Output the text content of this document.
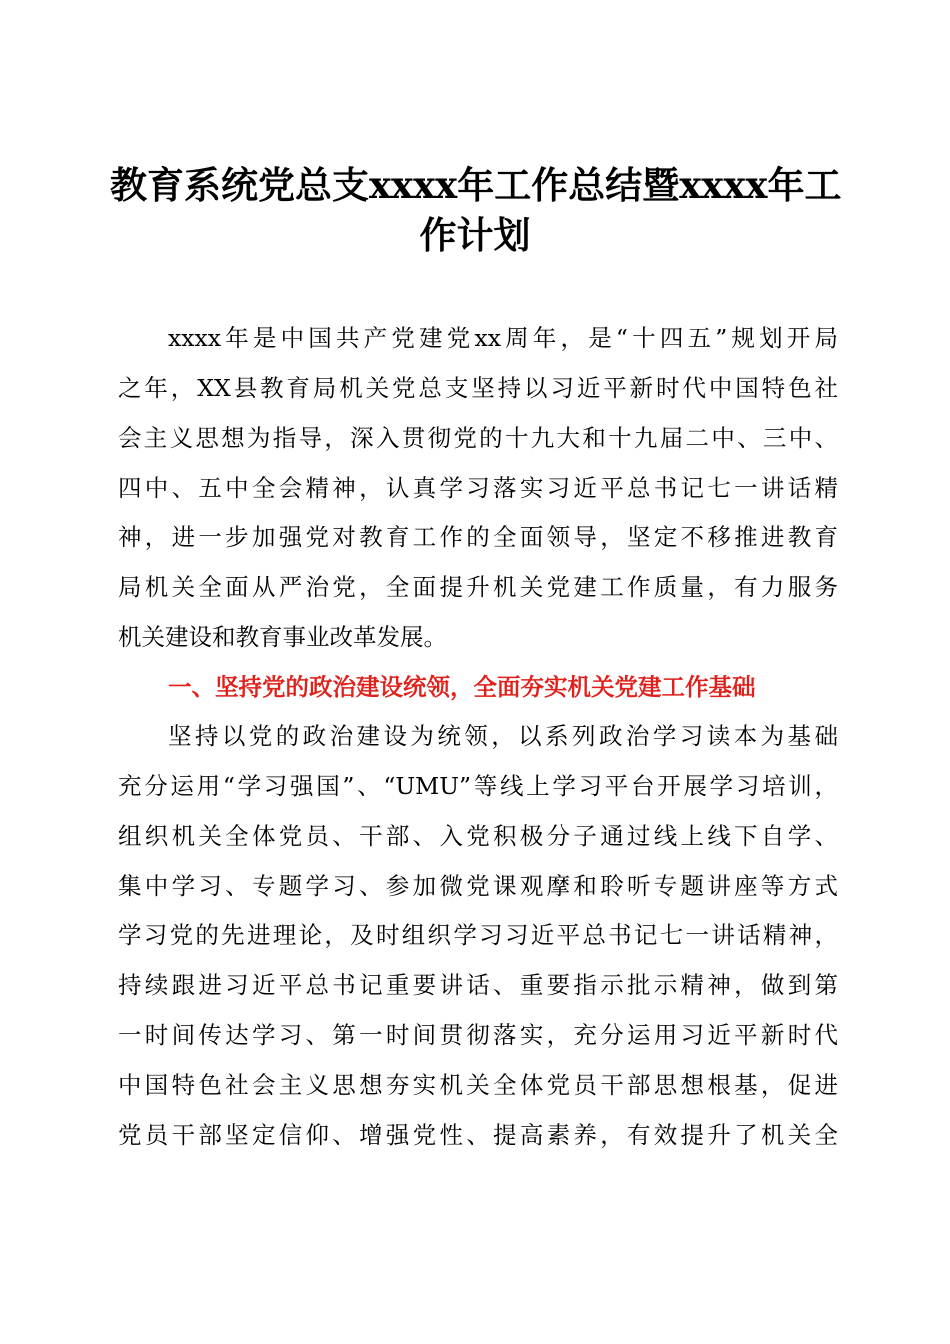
教育系统党总支xxxx年工作总结暨xxxx年工
作计划
xxxx年是中国共产党建党xx周年，是“十四五”规划开局
之年，XX县教育局机关党总支坚持以习近平新时代中国特色社
会主义思想为指导，深入贯彻党的十九大和十九届二中、三中、
四中、五中全会精神，认真学习落实习近平总书记七一讲话精
神，进一步加强党对教育工作的全面领导，坚定不移推进教育
局机关全面从严治党，全面提升机关党建工作质量，有力服务
机关建设和教育事业改革发展。
一、坚持党的政治建设统领，全面夯实机关党建工作基础
坚持以党的政治建设为统领，以系列政治学习读本为基础
充分运用“学习强国”、“UMU”等线上学习平台开展学习培训，
组织机关全体党员、干部、入党积极分子通过线上线下自学、
集中学习、专题学习、参加微党课观摩和聆听专题讲座等方式
学习党的先进理论，及时组织学习习近平总书记七一讲话精神，
持续跟进习近平总书记重要讲话、重要指示批示精神，做到第
一时间传达学习、第一时间贯彻落实，充分运用习近平新时代
中国特色社会主义思想夯实机关全体党员干部思想根基，促进
党员干部坚定信仰、增强党性、提高素养，有效提升了机关全
